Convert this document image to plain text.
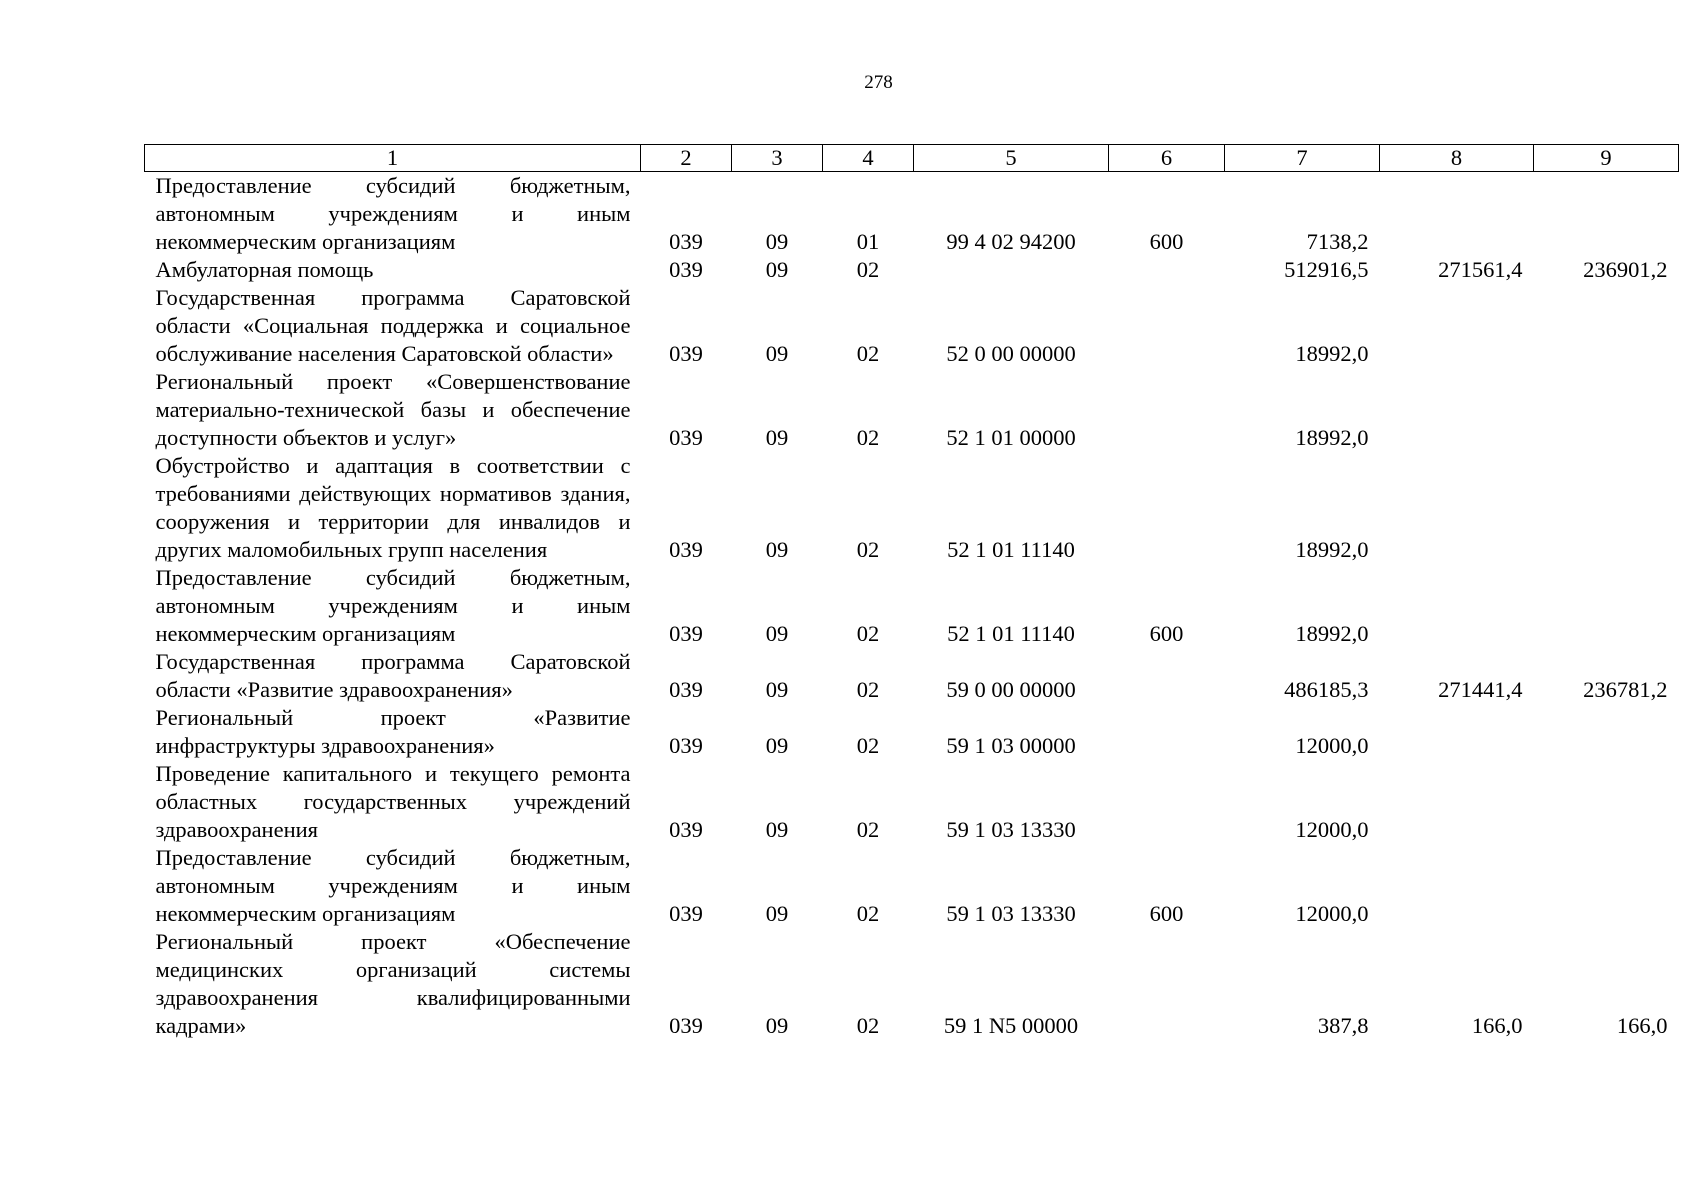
278
1	2	3	4	5	6	7	8	9
Предоставление субсидий бюджетным, автономным учреждениям и иным некоммерческим организациям	039	09	01	99 4 02 94200	600	7138,2		
Амбулаторная помощь	039	09	02			512916,5	271561,4	236901,2
Государственная программа Саратовской области «Социальная поддержка и социальное обслуживание населения Саратовской области»	039	09	02	52 0 00 00000		18992,0		
Региональный проект «Совершенствование материально-технической базы и обеспечение доступности объектов и услуг»	039	09	02	52 1 01 00000		18992,0		
Обустройство и адаптация в соответствии с требованиями действующих нормативов здания, сооружения и территории для инвалидов и других маломобильных групп населения	039	09	02	52 1 01 11140		18992,0		
Предоставление субсидий бюджетным, автономным учреждениям и иным некоммерческим организациям	039	09	02	52 1 01 11140	600	18992,0		
Государственная программа Саратовской области «Развитие здравоохранения»	039	09	02	59 0 00 00000		486185,3	271441,4	236781,2
Региональный проект «Развитие инфраструктуры здравоохранения»	039	09	02	59 1 03 00000		12000,0		
Проведение капитального и текущего ремонта областных государственных учреждений здравоохранения	039	09	02	59 1 03 13330		12000,0		
Предоставление субсидий бюджетным, автономным учреждениям и иным некоммерческим организациям	039	09	02	59 1 03 13330	600	12000,0		
Региональный проект «Обеспечение медицинских организаций системы здравоохранения квалифицированными кадрами»	039	09	02	59 1 N5 00000		387,8	166,0	166,0
